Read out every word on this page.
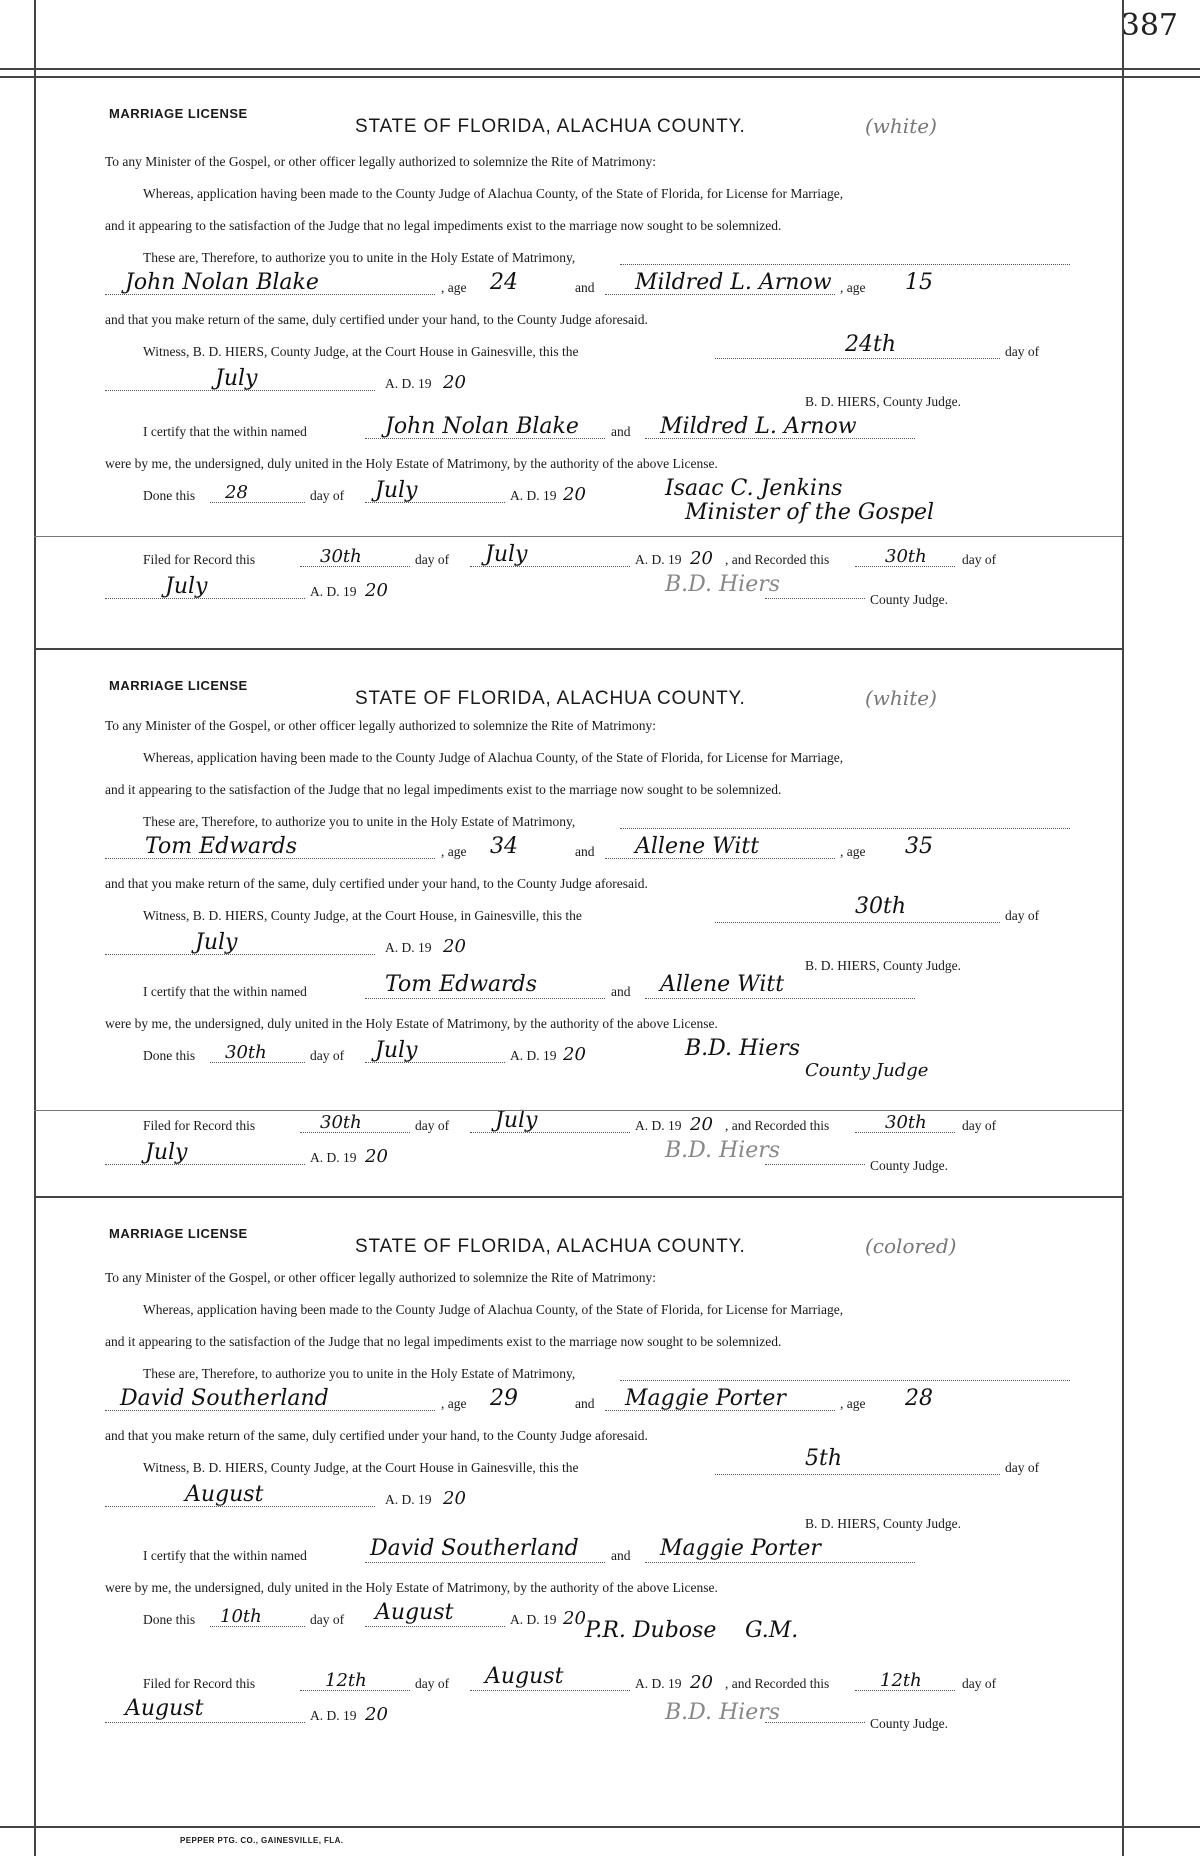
387
MARRIAGE LICENSE
STATE OF FLORIDA, ALACHUA COUNTY.	(white)
To any Minister of the Gospel, or other officer legally authorized to solemnize the Rite of Matrimony:
Whereas, application having been made to the County Judge of Alachua County, of the State of Florida, for License for Marriage,
and it appearing to the satisfaction of the Judge that no legal impediments exist to the marriage now sought to be solemnized.
These are, Therefore, to authorize you to unite in the Holy Estate of Matrimony,
John Nolan Blake	, age 24	and Mildred L. Arnow , age 15
and that you make return of the same, duly certified under your hand, to the County Judge aforesaid.
Witness, B. D. HIERS, County Judge, at the Court House in Gainesville, this the	24th	day of
July	A. D. 19 20
B. D. HIERS, County Judge.
I certify that the within named	John Nolan Blake and Mildred L. Arnow
were by me, the undersigned, duly united in the Holy Estate of Matrimony, by the authority of the above License.
Done this 28	day of July	A. D. 19 20	Isaac C. Jenkins
Minister of the Gospel
Filed for Record this	30th	day of July	A. D. 19 20 , and Recorded this	30th	day of
July	A. D. 19 20	B.D. Hiers
County Judge.
MARRIAGE LICENSE
STATE OF FLORIDA, ALACHUA COUNTY.	(white)
To any Minister of the Gospel, or other officer legally authorized to solemnize the Rite of Matrimony:
Whereas, application having been made to the County Judge of Alachua County, of the State of Florida, for License for Marriage,
and it appearing to the satisfaction of the Judge that no legal impediments exist to the marriage now sought to be solemnized.
These are, Therefore, to authorize you to unite in the Holy Estate of Matrimony,
Tom Edwards	, age 34	and Allene Witt	, age 35
and that you make return of the same, duly certified under your hand, to the County Judge aforesaid.
Witness, B. D. HIERS, County Judge, at the Court House, in Gainesville, this the	30th	day of
July	A. D. 19 20
B. D. HIERS, County Judge.
I certify that the within named	Tom Edwards	and Allene Witt
were by me, the undersigned, duly united in the Holy Estate of Matrimony, by the authority of the above License.
Done this 30th	day of July	A. D. 19 20	B.D. Hiers
County Judge
Filed for Record this	30th	day of July	A. D. 19 20 , and Recorded this	30th	day of
July	A. D. 19 20	B.D. Hiers
County Judge.
MARRIAGE LICENSE
STATE OF FLORIDA, ALACHUA COUNTY.	(colored)
To any Minister of the Gospel, or other officer legally authorized to solemnize the Rite of Matrimony:
Whereas, application having been made to the County Judge of Alachua County, of the State of Florida, for License for Marriage,
and it appearing to the satisfaction of the Judge that no legal impediments exist to the marriage now sought to be solemnized.
These are, Therefore, to authorize you to unite in the Holy Estate of Matrimony,
David Southerland	, age 29	and Maggie Porter	, age 28
and that you make return of the same, duly certified under your hand, to the County Judge aforesaid.
Witness, B. D. HIERS, County Judge, at the Court House in Gainesville, this the	5th	day of
August	A. D. 19 20
B. D. HIERS, County Judge.
I certify that the within named	David Southerland and Maggie Porter
were by me, the undersigned, duly united in the Holy Estate of Matrimony, by the authority of the above License.
Done this 10th	day of August	A. D. 19 20 P.R. Dubose G.M.
Filed for Record this	12th	day of August	A. D. 19 20 , and Recorded this	12th	day of
August	A. D. 19 20	B.D. Hiers	County Judge.
PEPPER PTG. CO., GAINESVILLE, FLA.
